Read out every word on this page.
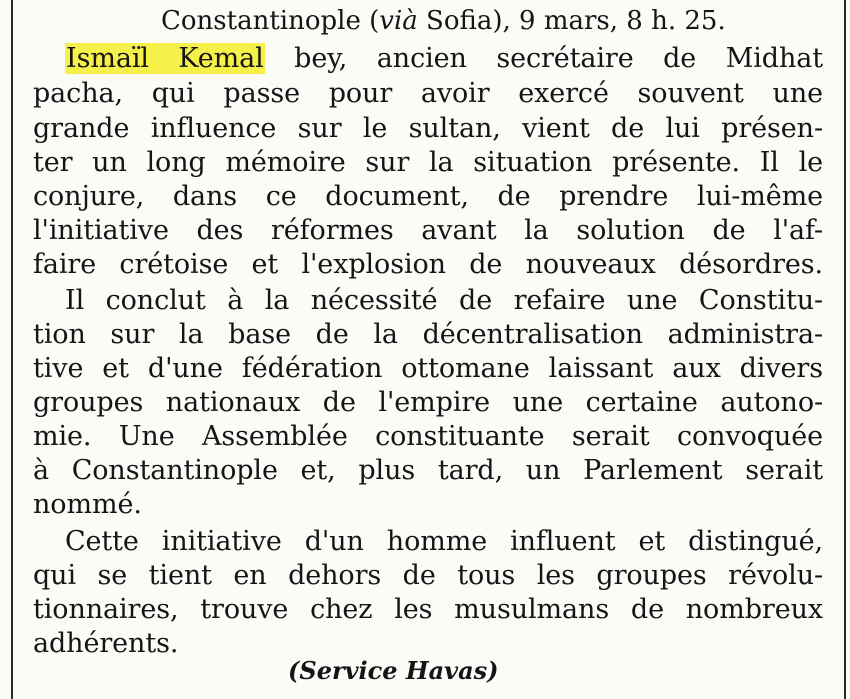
Constantinople (vià Sofia), 9 mars, 8 h. 25.
Ismaïl Kemal bey, ancien secrétaire de Midhat
pacha, qui passe pour avoir exercé souvent une
grande influence sur le sultan, vient de lui présen-
ter un long mémoire sur la situation présente. Il le
conjure, dans ce document, de prendre lui-même
l'initiative des réformes avant la solution de l'af-
faire crétoise et l'explosion de nouveaux désordres.
Il conclut à la nécessité de refaire une Constitu-
tion sur la base de la décentralisation administra-
tive et d'une fédération ottomane laissant aux divers
groupes nationaux de l'empire une certaine autono-
mie. Une Assemblée constituante serait convoquée
à Constantinople et, plus tard, un Parlement serait
nommé.
Cette initiative d'un homme influent et distingué,
qui se tient en dehors de tous les groupes révolu-
tionnaires, trouve chez les musulmans de nombreux
adhérents.
(Service Havas)
